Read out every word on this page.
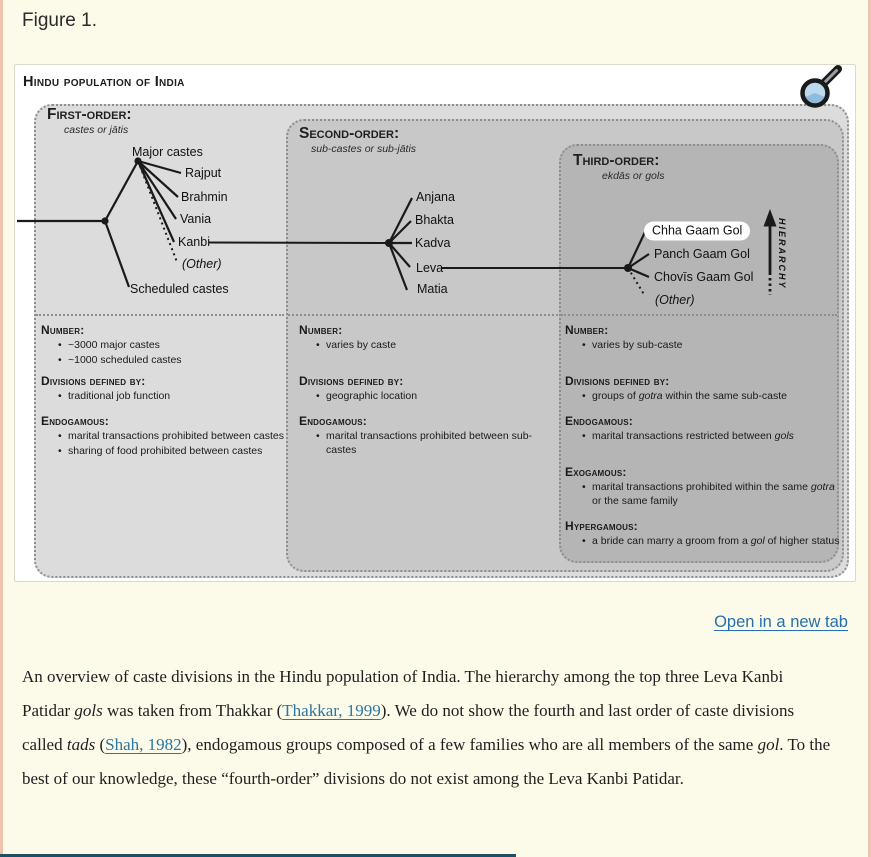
Figure 1.
Hindu population of India
First-order:
castes or jātis	Second-order:
sub-castes or sub-jātis
Third-order:
ekdās or gols
Major castes
Scheduled castes
Rajput
Brahmin
Vania
Kanbi
(Other)
Anjana
Bhakta
Kadva
Leva
Matia
Chha Gaam Gol
Panch Gaam Gol
Chovīs Gaam Gol
(Other)
HIERARCHY
Number:
• ~3000 major castes
• ~1000 scheduled castes
Divisions defined by:
• traditional job function
Endogamous:
• marital transactions prohibited between castes
• sharing of food prohibited between castes
Number:
• varies by caste
Divisions defined by:
• geographic location
Endogamous:
• marital transactions prohibited between sub-castes
Number:
• varies by sub-caste
Divisions defined by:
• groups of gotra within the same sub-caste
Endogamous:
• marital transactions restricted between gols
Exogamous:
• marital transactions prohibited within the same gotra or the same family
Hypergamous:
• a bride can marry a groom from a gol of higher status
Open in a new tab

An overview of caste divisions in the Hindu population of India. The hierarchy among the top three Leva Kanbi Patidar gols was taken from Thakkar (Thakkar, 1999). We do not show the fourth and last order of caste divisions called tads (Shah, 1982), endogamous groups composed of a few families who are all members of the same gol. To the best of our knowledge, these “fourth-order” divisions do not exist among the Leva Kanbi Patidar.
